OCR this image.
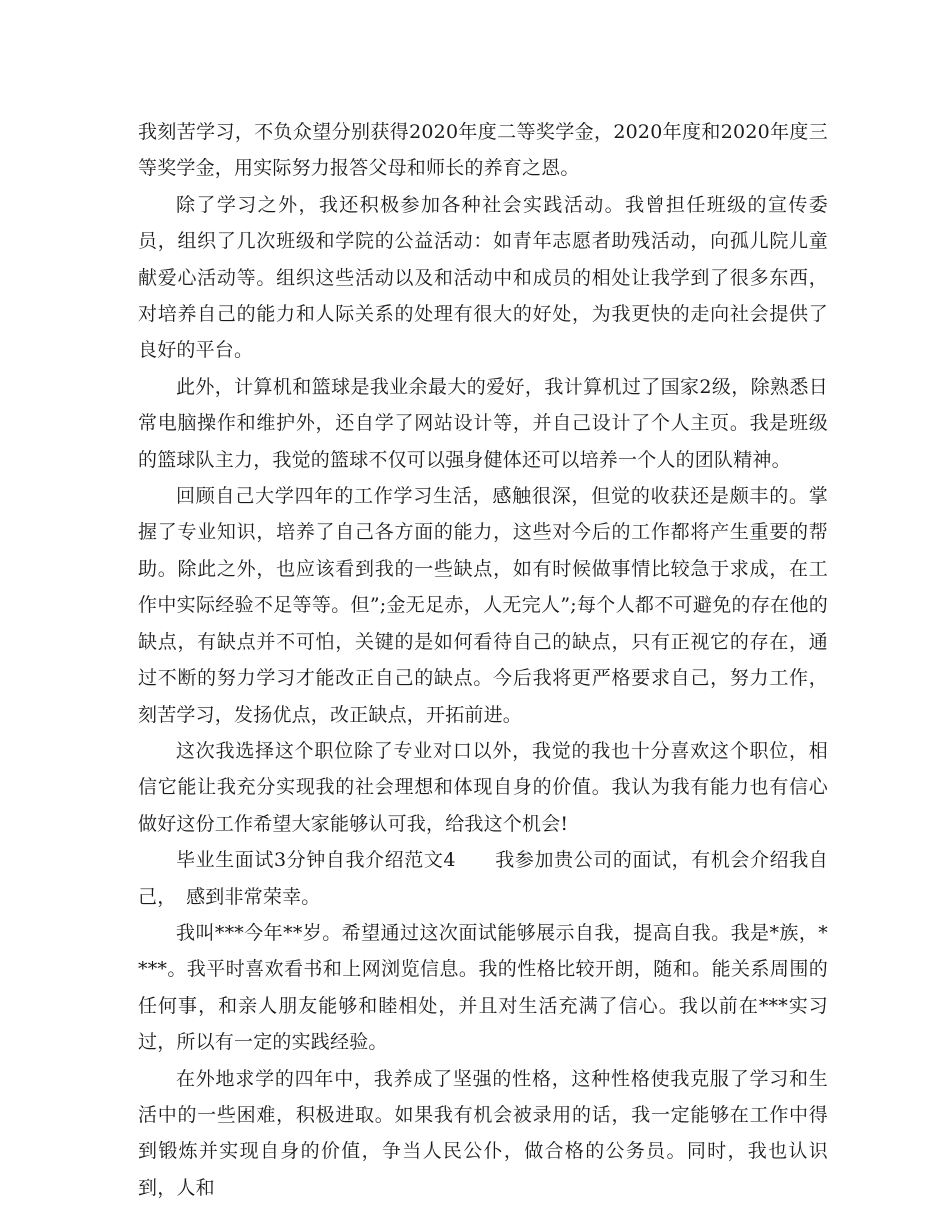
我刻苦学习，不负众望分别获得2020年度二等奖学金，2020年度和2020年度三等奖学金，用实际努力报答父母和师长的养育之恩。

除了学习之外，我还积极参加各种社会实践活动。我曾担任班级的宣传委员，组织了几次班级和学院的公益活动：如青年志愿者助残活动，向孤儿院儿童献爱心活动等。组织这些活动以及和活动中和成员的相处让我学到了很多东西，对培养自己的能力和人际关系的处理有很大的好处，为我更快的走向社会提供了良好的平台。

此外，计算机和篮球是我业余最大的爱好，我计算机过了国家2级，除熟悉日常电脑操作和维护外，还自学了网站设计等，并自己设计了个人主页。我是班级的篮球队主力，我觉的篮球不仅可以强身健体还可以培养一个人的团队精神。

回顾自己大学四年的工作学习生活，感触很深，但觉的收获还是颇丰的。掌握了专业知识，培养了自己各方面的能力，这些对今后的工作都将产生重要的帮助。除此之外，也应该看到我的一些缺点，如有时候做事情比较急于求成，在工作中实际经验不足等等。但”;金无足赤，人无完人”;每个人都不可避免的存在他的缺点，有缺点并不可怕，关键的是如何看待自己的缺点，只有正视它的存在，通过不断的努力学习才能改正自己的缺点。今后我将更严格要求自己，努力工作，刻苦学习，发扬优点，改正缺点，开拓前进。

这次我选择这个职位除了专业对口以外，我觉的我也十分喜欢这个职位，相信它能让我充分实现我的社会理想和体现自身的价值。我认为我有能力也有信心做好这份工作希望大家能够认可我，给我这个机会!

毕业生面试3分钟自我介绍范文4　　我参加贵公司的面试，有机会介绍我自己，　感到非常荣幸。

我叫***今年**岁。希望通过这次面试能够展示自我，提高自我。我是*族，****。我平时喜欢看书和上网浏览信息。我的性格比较开朗，随和。能关系周围的任何事，和亲人朋友能够和睦相处，并且对生活充满了信心。我以前在***实习过，所以有一定的实践经验。

在外地求学的四年中，我养成了坚强的性格，这种性格使我克服了学习和生活中的一些困难，积极进取。如果我有机会被录用的话，我一定能够在工作中得到锻炼并实现自身的价值，争当人民公仆，做合格的公务员。同时，我也认识到，人和
